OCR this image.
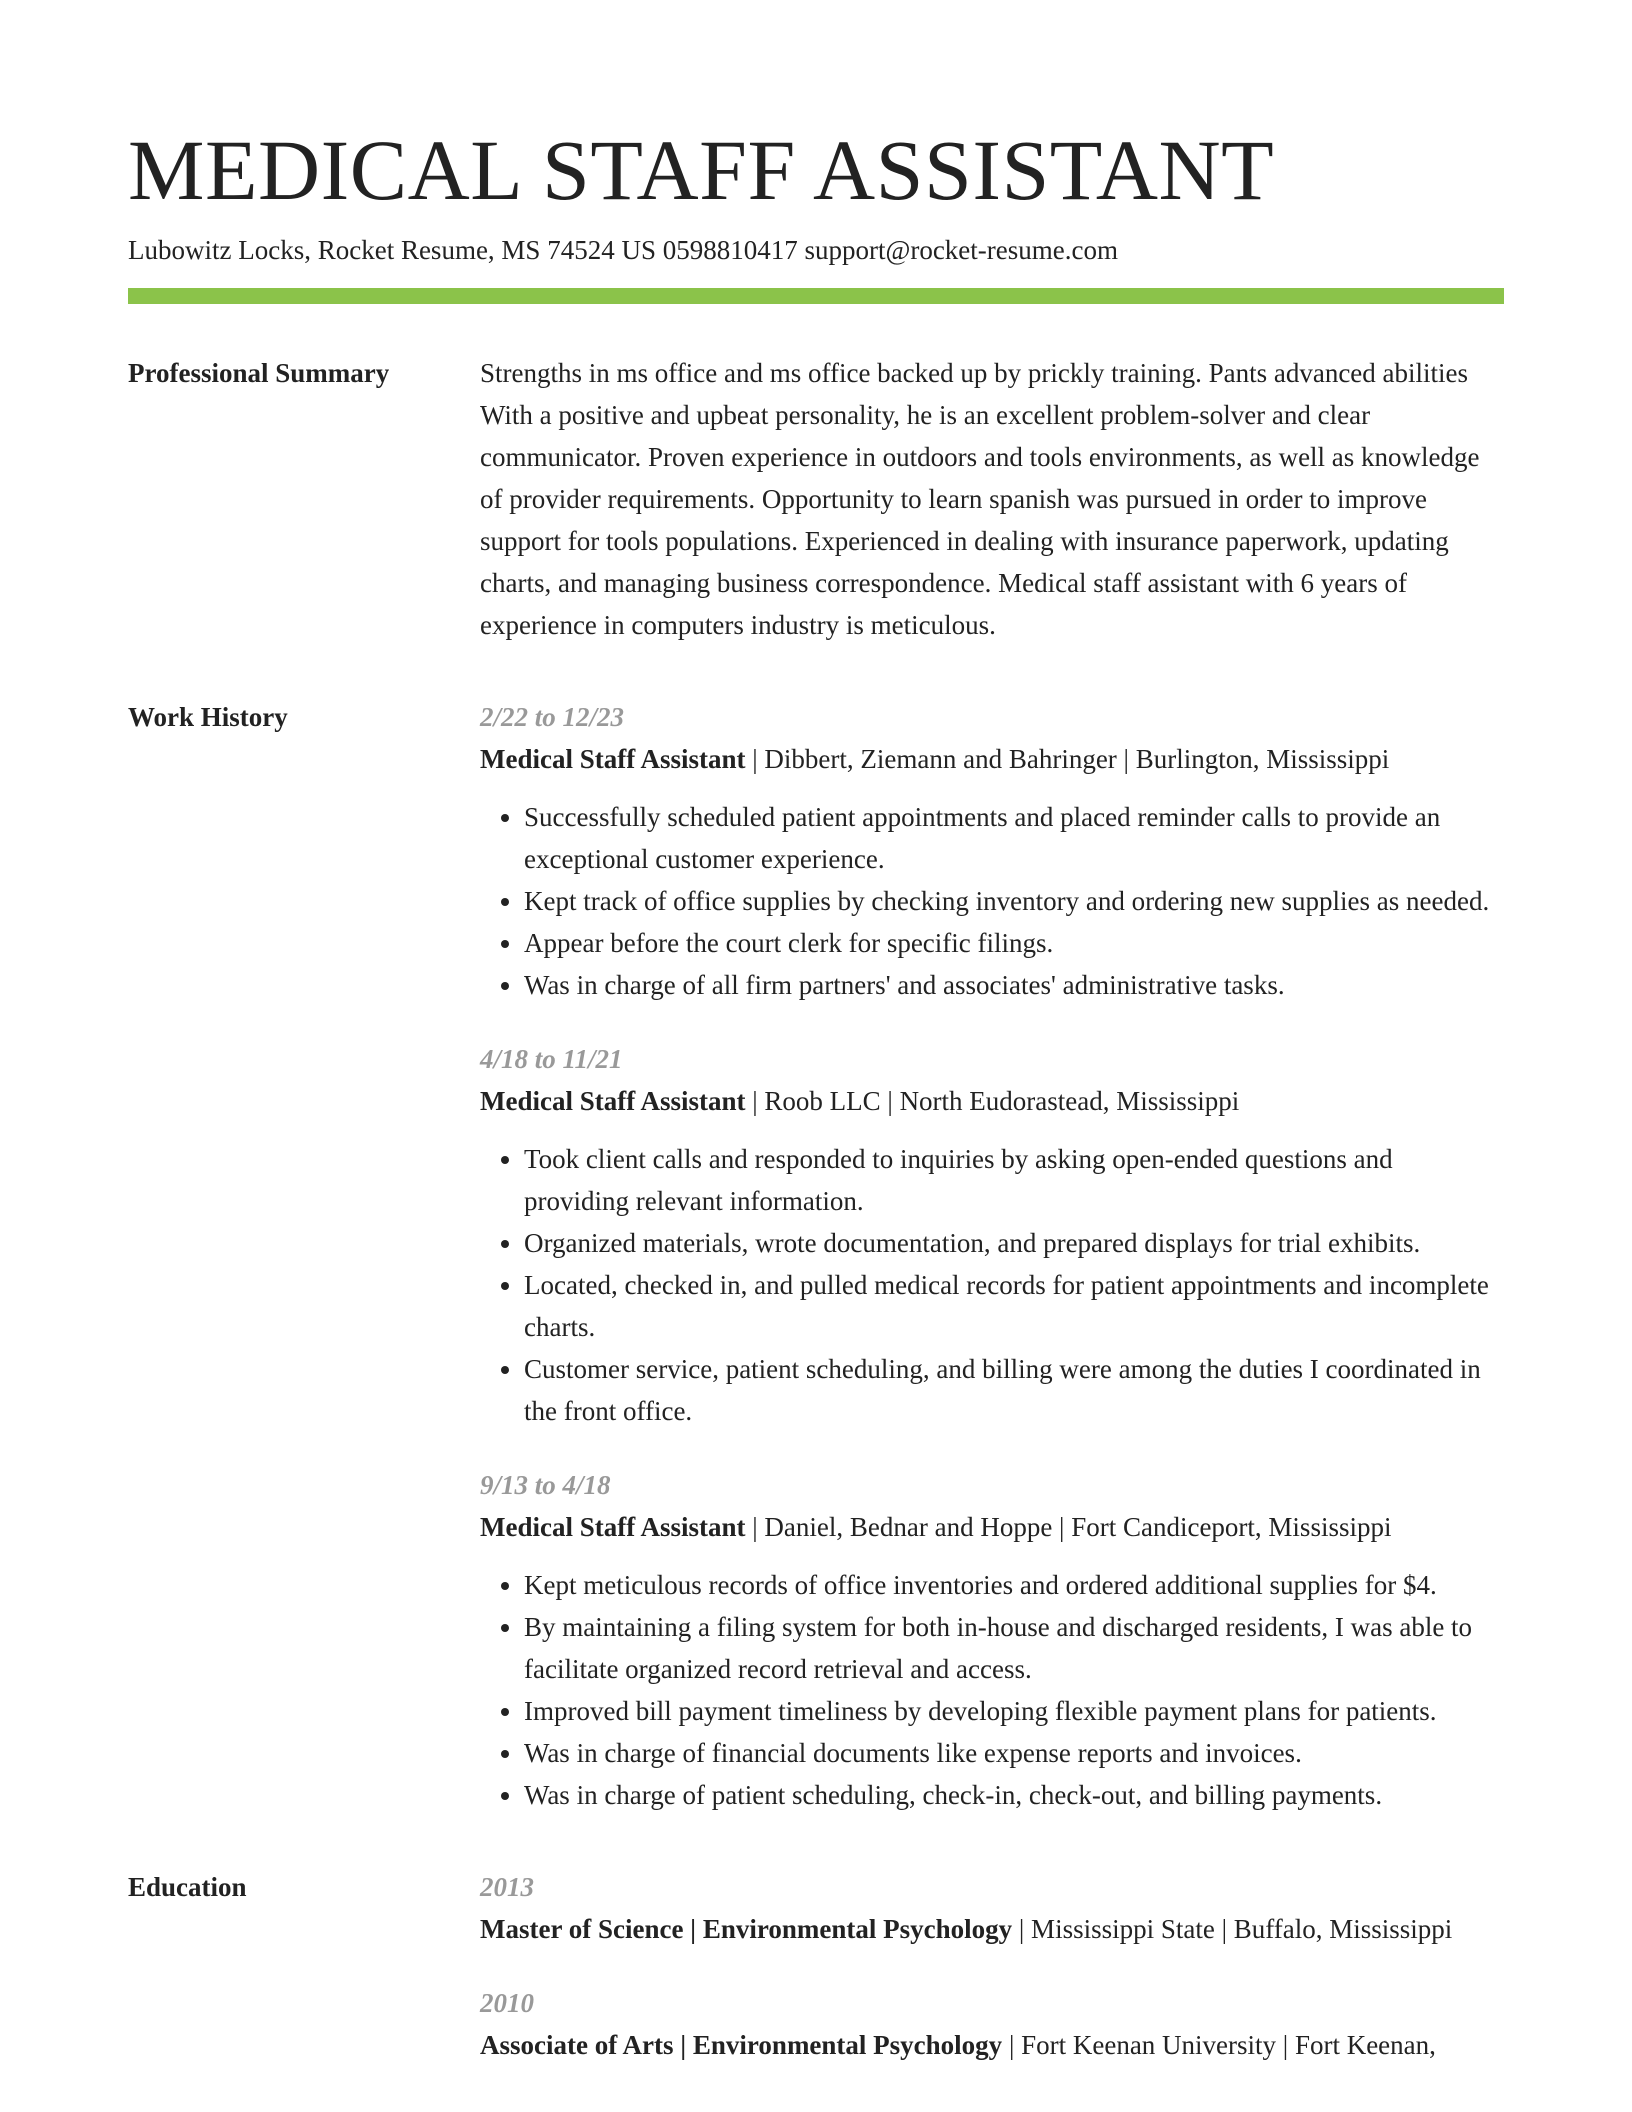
MEDICAL STAFF ASSISTANT
Lubowitz Locks, Rocket Resume, MS 74524 US 0598810417 support@rocket-resume.com
Professional Summary	Strengths in ms office and ms office backed up by prickly training. Pants advanced abilities With a positive and upbeat personality, he is an excellent problem-solver and clear communicator. Proven experience in outdoors and tools environments, as well as knowledge of provider requirements. Opportunity to learn spanish was pursued in order to improve support for tools populations. Experienced in dealing with insurance paperwork, updating charts, and managing business correspondence. Medical staff assistant with 6 years of experience in computers industry is meticulous.

Work History	2/22 to 12/23
Medical Staff Assistant | Dibbert, Ziemann and Bahringer | Burlington, Mississippi
• Successfully scheduled patient appointments and placed reminder calls to provide an exceptional customer experience.
• Kept track of office supplies by checking inventory and ordering new supplies as needed.
• Appear before the court clerk for specific filings.
• Was in charge of all firm partners' and associates' administrative tasks.
4/18 to 11/21
Medical Staff Assistant | Roob LLC | North Eudorastead, Mississippi
• Took client calls and responded to inquiries by asking open-ended questions and providing relevant information.
• Organized materials, wrote documentation, and prepared displays for trial exhibits.
• Located, checked in, and pulled medical records for patient appointments and incomplete charts.
• Customer service, patient scheduling, and billing were among the duties I coordinated in the front office.
9/13 to 4/18
Medical Staff Assistant | Daniel, Bednar and Hoppe | Fort Candiceport, Mississippi
• Kept meticulous records of office inventories and ordered additional supplies for $4.
• By maintaining a filing system for both in-house and discharged residents, I was able to facilitate organized record retrieval and access.
• Improved bill payment timeliness by developing flexible payment plans for patients.
• Was in charge of financial documents like expense reports and invoices.
• Was in charge of patient scheduling, check-in, check-out, and billing payments.
Education	2013
Master of Science | Environmental Psychology | Mississippi State | Buffalo, Mississippi
2010
Associate of Arts | Environmental Psychology | Fort Keenan University | Fort Keenan,
